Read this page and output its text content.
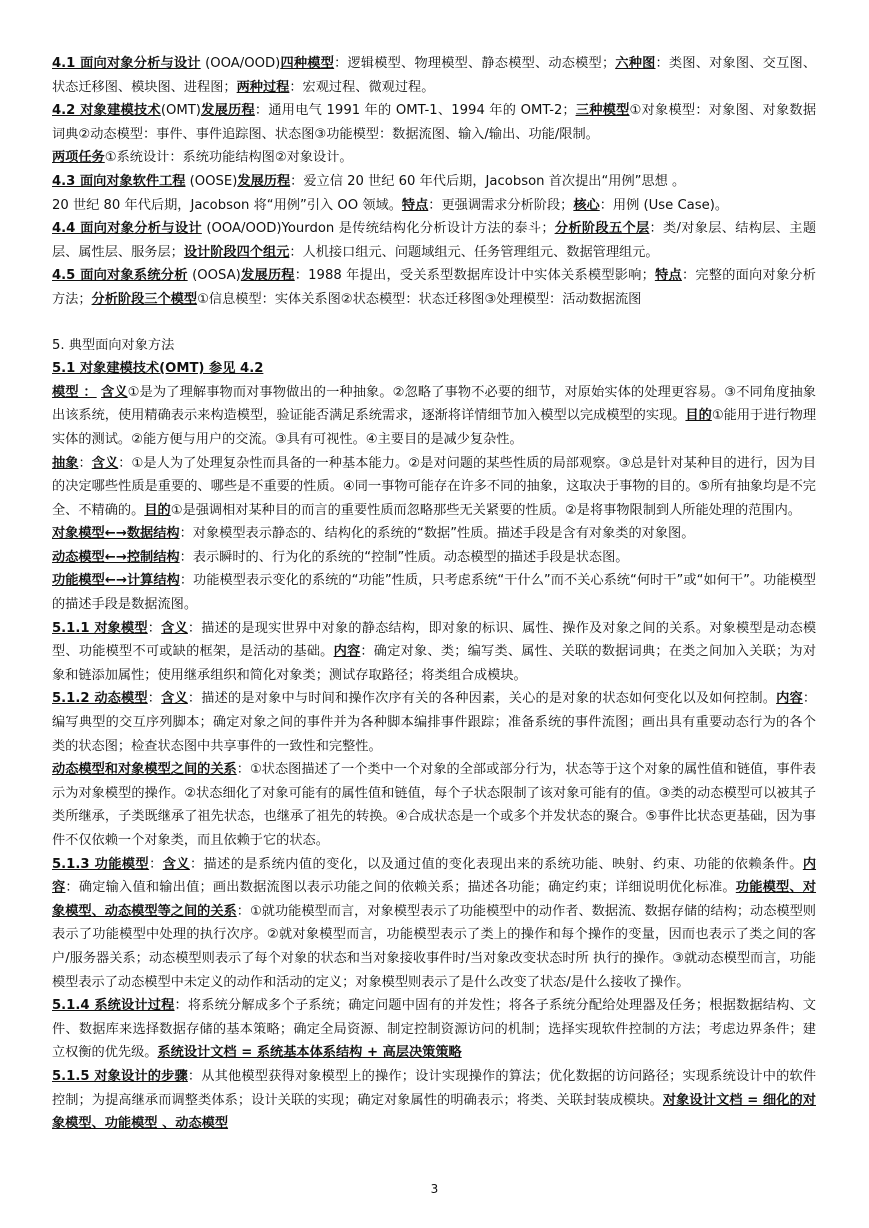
4.1 面向对象分析与设计 (OOA/OOD)四种模型：逻辑模型、物理模型、静态模型、动态模型；六种图：类图、对象图、交互图、状态迁移图、模块图、进程图；两种过程：宏观过程、微观过程。

4.2 对象建模技术(OMT)发展历程：通用电气 1991 年的 OMT-1、1994 年的 OMT-2；三种模型①对象模型：对象图、对象数据词典②动态模型：事件、事件追踪图、状态图③功能模型：数据流图、输入/输出、功能/限制。

两项任务①系统设计：系统功能结构图②对象设计。

4.3 面向对象软件工程 (OOSE)发展历程：爱立信 20 世纪 60 年代后期，Jacobson 首次提出“用例”思想 。

20 世纪 80 年代后期，Jacobson 将“用例”引入 OO 领域。特点：更强调需求分析阶段；核心：用例 (Use Case)。

4.4 面向对象分析与设计 (OOA/OOD)Yourdon 是传统结构化分析设计方法的泰斗；分析阶段五个层：类/对象层、结构层、主题层、属性层、服务层；设计阶段四个组元：人机接口组元、问题域组元、任务管理组元、数据管理组元。

4.5 面向对象系统分析 (OOSA)发展历程：1988 年提出，受关系型数据库设计中实体关系模型影响；特点：完整的面向对象分析方法；分析阶段三个模型①信息模型：实体关系图②状态模型：状态迁移图③处理模型：活动数据流图

5. 典型面向对象方法

5.1 对象建模技术(OMT) 参见 4.2

模型 ： 含义①是为了理解事物而对事物做出的一种抽象。②忽略了事物不必要的细节，对原始实体的处理更容易。③不同角度抽象出该系统，使用精确表示来构造模型，验证能否满足系统需求，逐渐将详情细节加入模型以完成模型的实现。目的①能用于进行物理实体的测试。②能方便与用户的交流。③具有可视性。④主要目的是减少复杂性。

抽象：含义：①是人为了处理复杂性而具备的一种基本能力。②是对问题的某些性质的局部观察。③总是针对某种目的进行，因为目的决定哪些性质是重要的、哪些是不重要的性质。④同一事物可能存在许多不同的抽象，这取决于事物的目的。⑤所有抽象均是不完全、不精确的。目的①是强调相对某种目的而言的重要性质而忽略那些无关紧要的性质。②是将事物限制到人所能处理的范围内。

对象模型←→数据结构：对象模型表示静态的、结构化的系统的“数据”性质。描述手段是含有对象类的对象图。

动态模型←→控制结构：表示瞬时的、行为化的系统的“控制”性质。动态模型的描述手段是状态图。

功能模型←→计算结构：功能模型表示变化的系统的“功能”性质，只考虑系统“干什么”而不关心系统“何时干”或“如何干”。功能模型的描述手段是数据流图。

5.1.1 对象模型：含义：描述的是现实世界中对象的静态结构，即对象的标识、属性、操作及对象之间的关系。对象模型是动态模型、功能模型不可或缺的框架，是活动的基础。内容：确定对象、类；编写类、属性、关联的数据词典；在类之间加入关联；为对象和链添加属性；使用继承组织和简化对象类；测试存取路径；将类组合成模块。

5.1.2 动态模型：含义：描述的是对象中与时间和操作次序有关的各种因素，关心的是对象的状态如何变化以及如何控制。内容：编写典型的交互序列脚本；确定对象之间的事件并为各种脚本编排事件跟踪；准备系统的事件流图；画出具有重要动态行为的各个类的状态图；检查状态图中共享事件的一致性和完整性。

动态模型和对象模型之间的关系：①状态图描述了一个类中一个对象的全部或部分行为，状态等于这个对象的属性值和链值，事件表示为对象模型的操作。②状态细化了对象可能有的属性值和链值，每个子状态限制了该对象可能有的值。③类的动态模型可以被其子类所继承，子类既继承了祖先状态，也继承了祖先的转换。④合成状态是一个或多个并发状态的聚合。⑤事件比状态更基础，因为事件不仅依赖一个对象类，而且依赖于它的状态。

5.1.3 功能模型：含义：描述的是系统内值的变化，以及通过值的变化表现出来的系统功能、映射、约束、功能的依赖条件。内容：确定输入值和输出值；画出数据流图以表示功能之间的依赖关系；描述各功能；确定约束；详细说明优化标准。功能模型、对象模型、动态模型等之间的关系：①就功能模型而言，对象模型表示了功能模型中的动作者、数据流、数据存储的结构；动态模型则表示了功能模型中处理的执行次序。②就对象模型而言，功能模型表示了类上的操作和每个操作的变量，因而也表示了类之间的客户/服务器关系；动态模型则表示了每个对象的状态和当对象接收事件时/当对象改变状态时所 执行的操作。③就动态模型而言，功能模型表示了动态模型中未定义的动作和活动的定义；对象模型则表示了是什么改变了状态/是什么接收了操作。

5.1.4 系统设计过程：将系统分解成多个子系统；确定问题中固有的并发性；将各子系统分配给处理器及任务；根据数据结构、文件、数据库来选择数据存储的基本策略；确定全局资源、制定控制资源访问的机制；选择实现软件控制的方法；考虑边界条件；建立权衡的优先级。系统设计文档 = 系统基本体系结构 + 高层决策策略

5.1.5 对象设计的步骤：从其他模型获得对象模型上的操作；设计实现操作的算法；优化数据的访问路径；实现系统设计中的软件控制；为提高继承而调整类体系；设计关联的实现；确定对象属性的明确表示；将类、关联封装成模块。对象设计文档 = 细化的对象模型、功能模型 、动态模型

3
